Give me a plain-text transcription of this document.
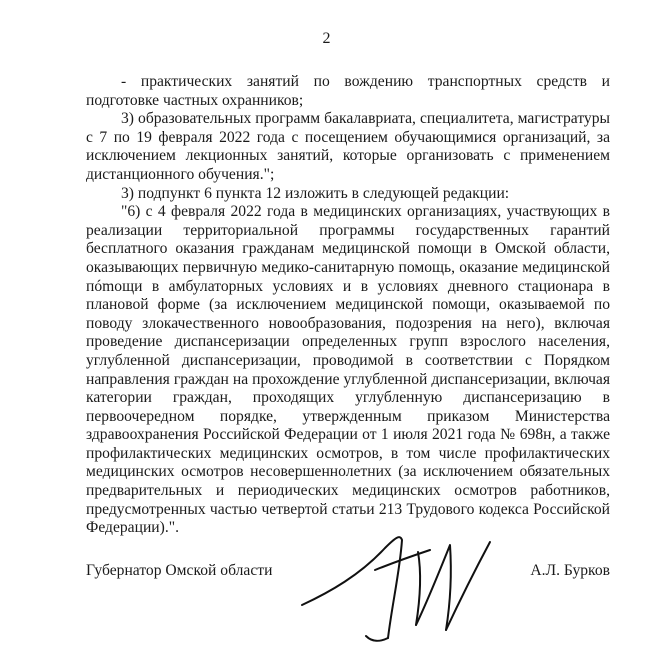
2

- практических занятий по вождению транспортных средств и подготовке частных охранников;

3) образовательных программ бакалавриата, специалитета, магистратуры с 7 по 19 февраля 2022 года с посещением обучающимися организаций, за исключением лекционных занятий, которые организовать с применением дистанционного обучения.";

3) подпункт 6 пункта 12 изложить в следующей редакции:

"6) с 4 февраля 2022 года в медицинских организациях, участвующих в реализации территориальной программы государственных гарантий бесплатного оказания гражданам медицинской помощи в Омской области, оказывающих первичную медико-санитарную помощь, оказание медицинской пómощи в амбулаторных условиях и в условиях дневного стационара в плановой форме (за исключением медицинской помощи, оказываемой по поводу злокачественного новообразования, подозрения на него), включая проведение диспансеризации определенных групп взрослого населения, углубленной диспансеризации, проводимой в соответствии с Порядком направления граждан на прохождение углубленной диспансеризации, включая категории граждан, проходящих углубленную диспансеризацию в первоочередном порядке, утвержденным приказом Министерства здравоохранения Российской Федерации от 1 июля 2021 года № 698н, а также профилактических медицинских осмотров, в том числе профилактических медицинских осмотров несовершеннолетних (за исключением обязательных предварительных и периодических медицинских осмотров работников, предусмотренных частью четвертой статьи 213 Трудового кодекса Российской Федерации).".

Губернатор Омской области	А.Л. Бурков
